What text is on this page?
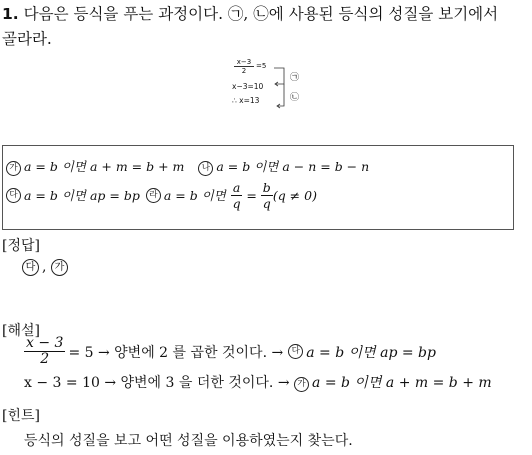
1. 다음은 등식을 푸는 과정이다. ㉠, ㉡에 사용된 등식의 성질을 보기에서
골라라.
$\frac{x-3}{2} =5$
x−3=10
∴ x=13
㉠
㉡
가 a = b 이면 a + m = b + m 나 a = b 이면 a − n = b − n
다 a = b 이면 ap = bp	라 a = b 이면 $\frac{a}{q} = \frac{b}{q} (q \ne 0)$
[정답]
다 , 가
[해설]
$\frac{x - 3}{2} = 5$ → 양변에 2 를 곱한 것이다. → 다 a = b 이면 ap = bp
x − 3 = 10 → 양변에 3 을 더한 것이다. → 가 a = b 이면 a + m = b + m
[힌트]
등식의 성질을 보고 어떤 성질을 이용하였는지 찾는다.
